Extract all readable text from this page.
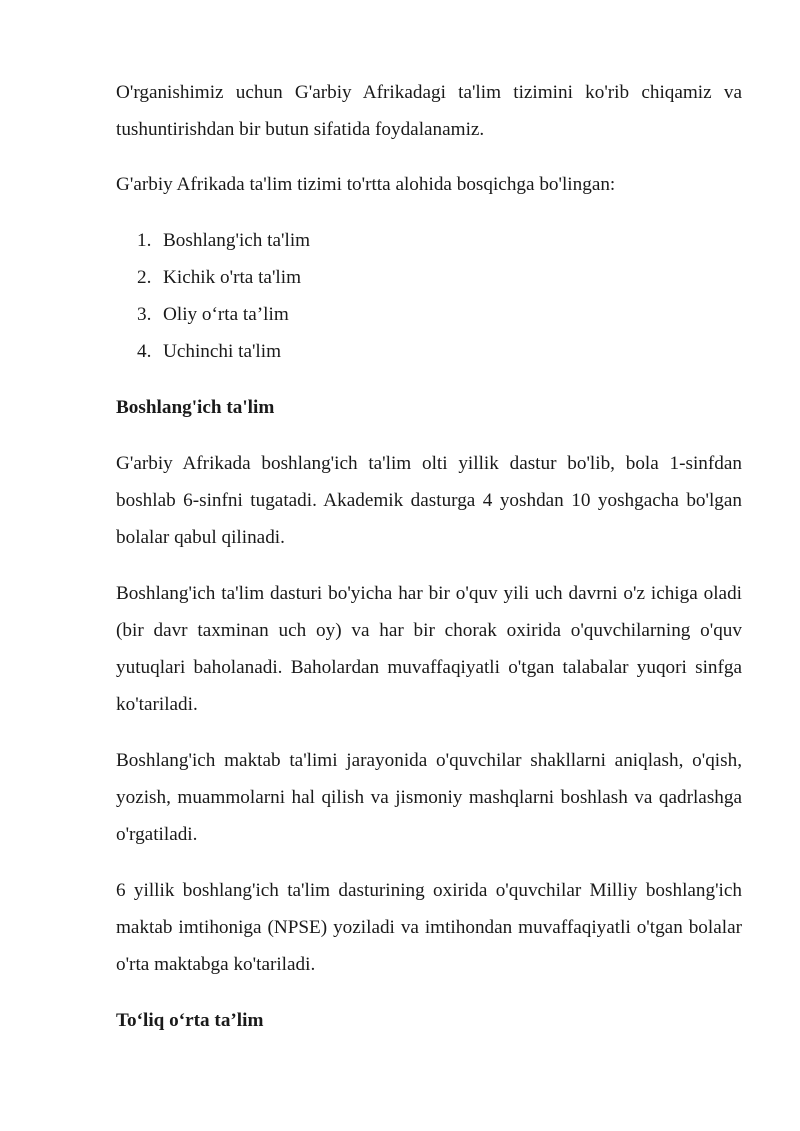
O'rganishimiz uchun G'arbiy Afrikadagi ta'lim tizimini ko'rib chiqamiz va tushuntirishdan bir butun sifatida foydalanamiz.

G'arbiy Afrikada ta'lim tizimi to'rtta alohida bosqichga bo'lingan:

1. Boshlang'ich ta'lim
2. Kichik o'rta ta'lim
3. Oliy o‘rta ta’lim
4. Uchinchi ta'lim
Boshlang'ich ta'lim

G'arbiy Afrikada boshlang'ich ta'lim olti yillik dastur bo'lib, bola 1-sinfdan boshlab 6-sinfni tugatadi. Akademik dasturga 4 yoshdan 10 yoshgacha bo'lgan bolalar qabul qilinadi.

Boshlang'ich ta'lim dasturi bo'yicha har bir o'quv yili uch davrni o'z ichiga oladi (bir davr taxminan uch oy) va har bir chorak oxirida o'quvchilarning o'quv yutuqlari baholanadi. Baholardan muvaffaqiyatli o'tgan talabalar yuqori sinfga ko'tariladi.

Boshlang'ich maktab ta'limi jarayonida o'quvchilar shakllarni aniqlash, o'qish, yozish, muammolarni hal qilish va jismoniy mashqlarni boshlash va qadrlashga o'rgatiladi.

6 yillik boshlang'ich ta'lim dasturining oxirida o'quvchilar Milliy boshlang'ich maktab imtihoniga (NPSE) yoziladi va imtihondan muvaffaqiyatli o'tgan bolalar o'rta maktabga ko'tariladi.

To‘liq o‘rta ta’lim
